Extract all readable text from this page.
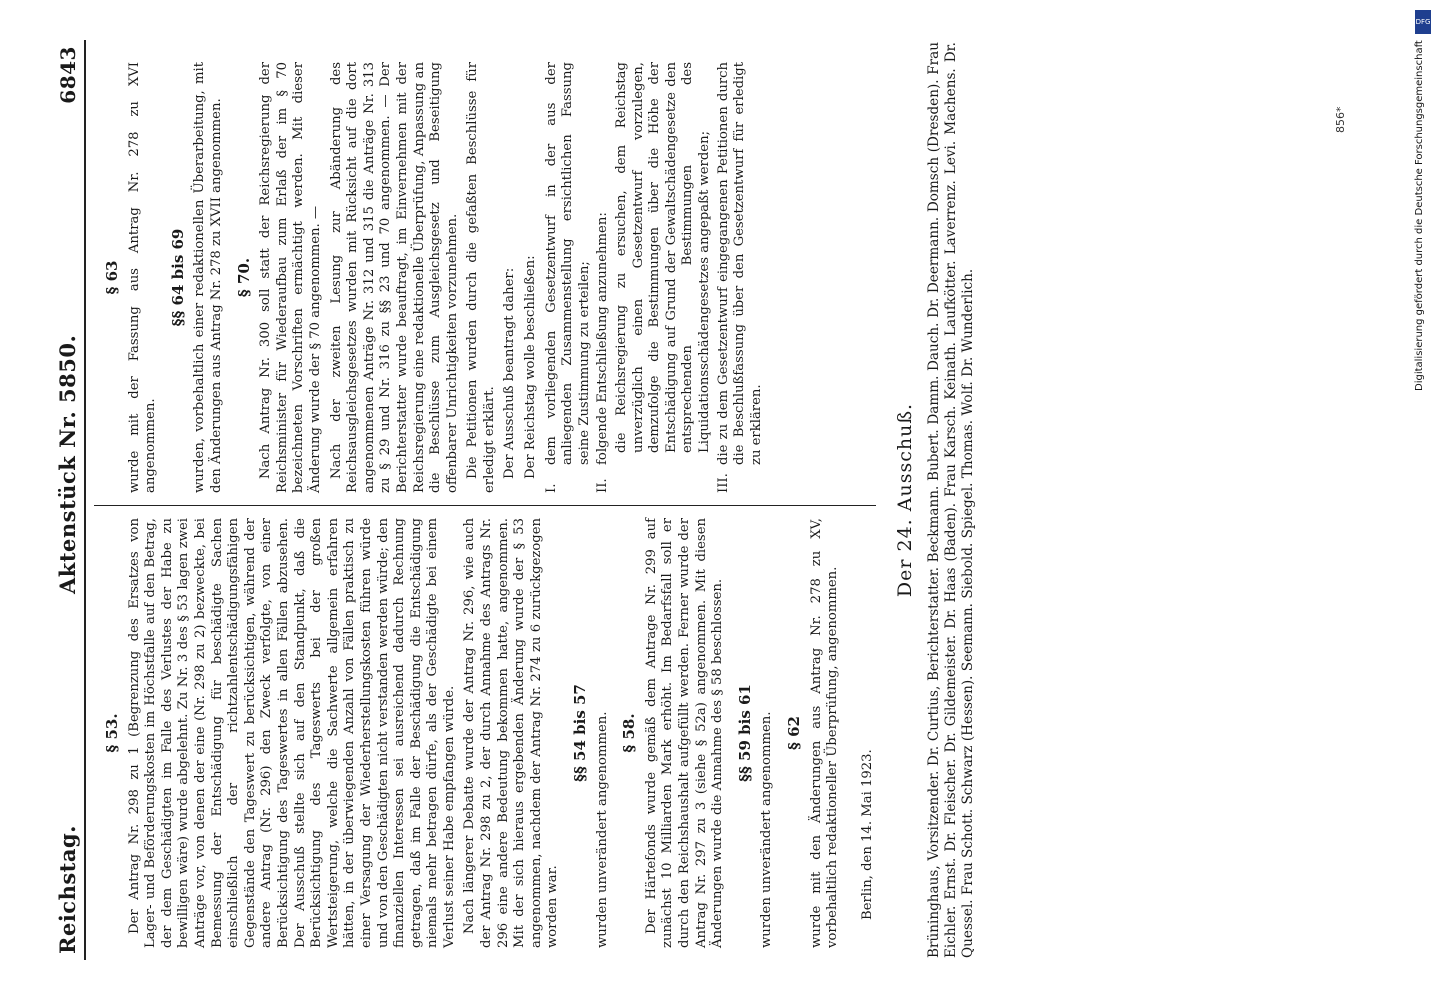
Reichstag.
Aktenstück Nr. 5850.
6843
§ 53. Der Antrag Nr. 298 zu 1 (Begrenzung des Ersatzes von Lager- und Beförderungskosten im Höchstfalle auf den Betrag, der dem Geschädigten im Falle des Verlustes der Habe zu bewilligen wäre) wurde abgelehnt. Zu Nr. 3 des § 53 lagen zwei Anträge vor, von denen der eine (Nr. 298 zu 2) bezweckte, bei Bemessung der Entschädigung für beschädigte Sachen einschließlich der richtzahlentschädigungsfähigen Gegenstände den Tageswert zu berücksichtigen, während der andere Antrag (Nr. 296) den Zweck verfolgte, von einer Berücksichtigung des Tageswertes in allen Fällen abzusehen. Der Ausschuß stellte sich auf den Standpunkt, daß die Berücksichtigung des Tageswerts bei der großen Wertsteigerung, welche die Sachwerte allgemein erfahren hätten, in der überwiegenden Anzahl von Fällen praktisch zu einer Versagung der Wiederherstellungskosten führen würde und von den Geschädigten nicht verstanden werden würde; den finanziellen Interessen sei ausreichend dadurch Rechnung getragen, daß im Falle der Beschädigung die Entschädigung niemals mehr betragen dürfe, als der Geschädigte bei einem Verlust seiner Habe empfangen würde. Nach längerer Debatte wurde der Antrag Nr. 296, wie auch der Antrag Nr. 298 zu 2, der durch Annahme des Antrags Nr. 296 eine andere Bedeutung bekommen hatte, angenommen. Mit der sich hieraus ergebenden Änderung wurde der § 53 angenommen, nachdem der Antrag Nr. 274 zu 6 zurückgezogen worden war.

§§ 54 bis 57 wurden unverändert angenommen. § 58. Der Härtefonds wurde gemäß dem Antrage Nr. 299 auf zunächst 10 Milliarden Mark erhöht. Im Bedarfsfall soll er durch den Reichshaushalt aufgefüllt werden. Ferner wurde der Antrag Nr. 297 zu 3 (siehe § 52a) angenommen. Mit diesen Änderungen wurde die Annahme des § 58 beschlossen. §§ 59 bis 61 wurden unverändert angenommen. § 62 wurde mit den Änderungen aus Antrag Nr. 278 zu XV, vorbehaltlich redaktioneller Überprüfung, angenommen. Berlin, den 14. Mai 1923.
§ 63 wurde mit der Fassung aus Antrag Nr. 278 zu XVI angenommen.

§§ 64 bis 69 wurden, vorbehaltlich einer redaktionellen Überarbeitung, mit den Änderungen aus Antrag Nr. 278 zu XVII angenommen. § 70. Nach Antrag Nr. 300 soll statt der Reichsregierung der Reichsminister für Wiederaufbau zum Erlaß der im § 70 bezeichneten Vorschriften ermächtigt werden. Mit dieser Änderung wurde der § 70 angenommen. — Nach der zweiten Lesung zur Abänderung des Reichsausgleichsgesetzes wurden mit Rücksicht auf die dort angenommenen Anträge Nr. 312 und 315 die Anträge Nr. 313 zu § 29 und Nr. 316 zu §§ 23 und 70 angenommen. — Der Berichterstatter wurde beauftragt, im Einvernehmen mit der Reichsregierung eine redaktionelle Überprüfung, Anpassung an die Beschlüsse zum Ausgleichsgesetz und Beseitigung offenbarer Unrichtigkeiten vorzunehmen. Die Petitionen wurden durch die gefaßten Beschlüsse für erledigt erklärt. Der Ausschuß beantragt daher: Der Reichstag wolle beschließen:

I.
dem vorliegenden Gesetzentwurf in der aus der anliegenden Zusammenstellung ersichtlichen Fassung seine Zustimmung zu erteilen;
II.
folgende Entschließung anzunehmen: die Reichsregierung zu ersuchen, dem Reichstag unverzüglich einen Gesetzentwurf vorzulegen, demzufolge die Bestimmungen über die Höhe der Entschädigung auf Grund der Gewaltschädengesetze den entsprechenden Bestimmungen des Liquidationsschädengesetzes angepaßt werden;
III.
die zu dem Gesetzentwurf eingegangenen Petitionen durch die Beschlußfassung über den Gesetzentwurf für erledigt zu erklären.	Der 24. Ausschuß. Brüninghaus, Vorsitzender. Dr. Curtius, Berichterstatter. Beckmann. Bubert. Damm. Dauch. Dr. Deermann. Domsch (Dresden). Frau Eichler. Ernst. Dr. Fleischer. Dr. Gildemeister. Dr. Haas (Baden). Frau Karsch. Keinath. Laufkötter. Laverrenz. Levi. Machens. Dr. Quessel. Frau Schott. Schwarz (Hessen). Seemann. Siebold. Spiegel. Thomas. Wolf. Dr. Wunderlich.
856*
DFG
Digitalisierung gefördert durch die Deutsche Forschungsgemeinschaft
